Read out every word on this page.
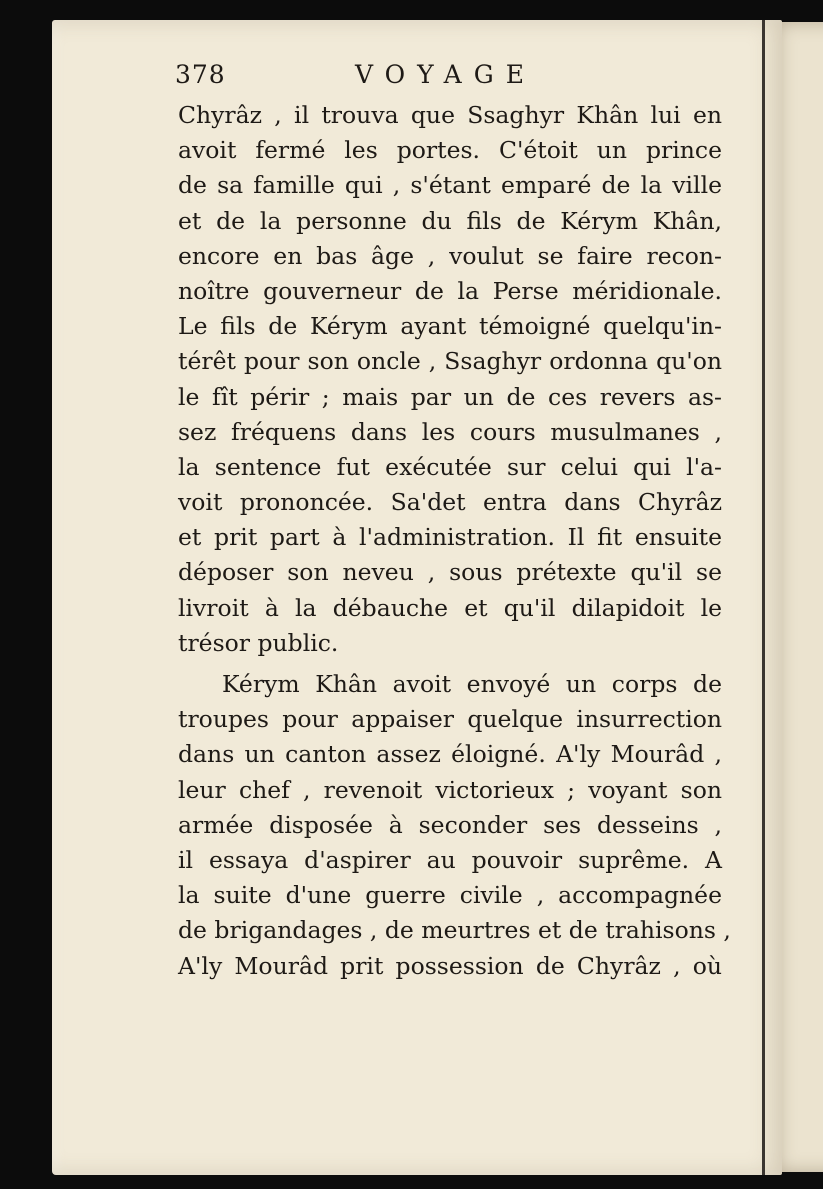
378	VOYAGE
Chyrâz , il trouva que Ssaghyr Khân lui en
avoit fermé les portes. C'étoit un prince
de sa famille qui , s'étant emparé de la ville
et de la personne du fils de Kérym Khân,
encore en bas âge , voulut se faire recon-
noître gouverneur de la Perse méridionale.
Le fils de Kérym ayant témoigné quelqu'in-
térêt pour son oncle , Ssaghyr ordonna qu'on
le fît périr ; mais par un de ces revers as-
sez fréquens dans les cours musulmanes ,
la sentence fut exécutée sur celui qui l'a-
voit prononcée. Sa'det entra dans Chyrâz
et prit part à l'administration. Il fit ensuite
déposer son neveu , sous prétexte qu'il se
livroit à la débauche et qu'il dilapidoit le
trésor public.
Kérym Khân avoit envoyé un corps de
troupes pour appaiser quelque insurrection
dans un canton assez éloigné. A'ly Mourâd ,
leur chef , revenoit victorieux ; voyant son
armée disposée à seconder ses desseins ,
il essaya d'aspirer au pouvoir suprême. A
la suite d'une guerre civile , accompagnée
de brigandages , de meurtres et de trahisons ,
A'ly Mourâd prit possession de Chyrâz , où
